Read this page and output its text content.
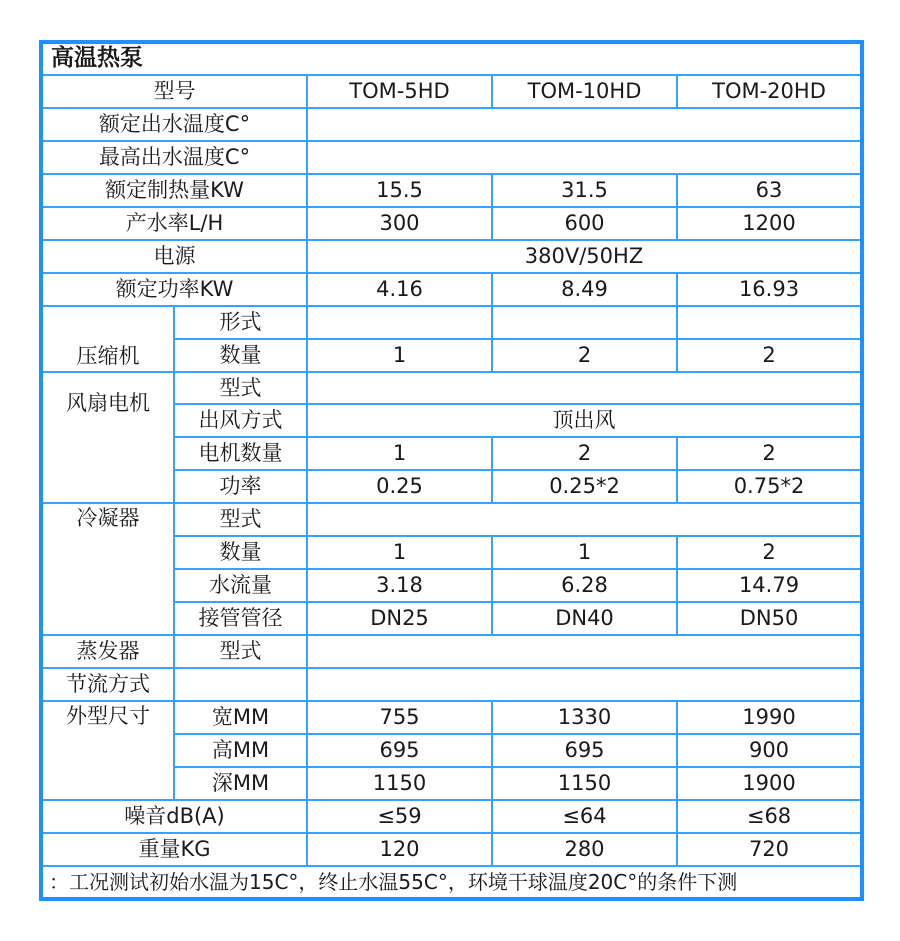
高温热泵				
型号		TOM-5HD	TOM-10HD	TOM-20HD
额定出水温度C°				
最高出水温度C°				
额定制热量KW		15.5	31.5	63
产水率L/H		300	600	1200
电源		380V/50HZ		
额定功率KW		4.16	8.49	16.93
压缩机	形式			
	数量	1	2	2
风扇电机	型式			
	出风方式	顶出风		
	电机数量	1	2	2
	功率	0.25	0.25*2	0.75*2
冷凝器	型式			
	数量	1	1	2
	水流量	3.18	6.28	14.79
	接管管径	DN25	DN40	DN50
蒸发器	型式			
节流方式				
外型尺寸	宽MM	755	1330	1990
	高MM	695	695	900
	深MM	1150	1150	1900
噪音dB(A)		≤59	≤64	≤68
重量KG		120	280	720
：工况测试初始水温为15C°，终止水温55C°，环境干球温度20C°的条件下测				
